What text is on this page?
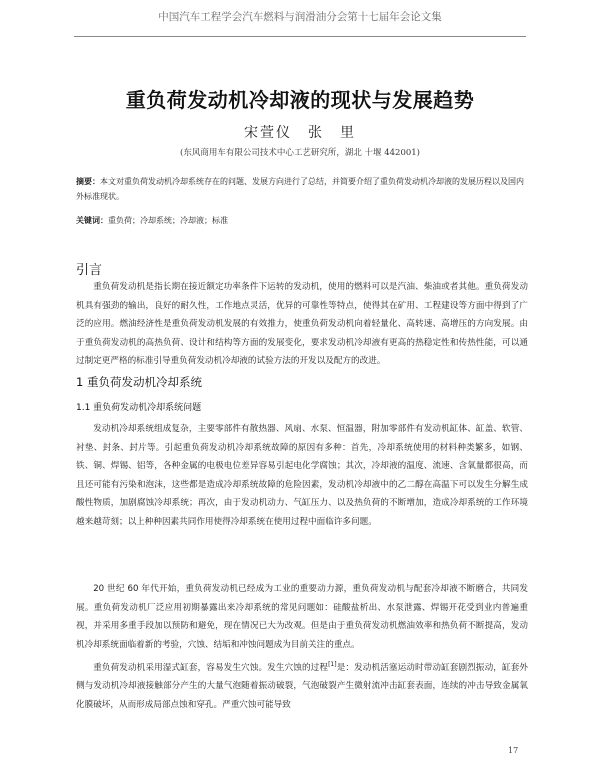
中国汽车工程学会汽车燃料与润滑油分会第十七届年会论文集
重负荷发动机冷却液的现状与发展趋势
宋萱仪　张　里
(东风商用车有限公司技术中心工艺研究所，湖北 十堰 442001)
摘要：本文对重负荷发动机冷却系统存在的问题、发展方向进行了总结，并简要介绍了重负荷发动机冷却液的发展历程以及国内外标准现状。
关键词：重负荷；冷却系统；冷却液；标准
引言

重负荷发动机是指长期在接近额定功率条件下运转的发动机，使用的燃料可以是汽油、柴油或者其他。重负荷发动机具有强劲的输出，良好的耐久性，工作地点灵活，优异的可靠性等特点，使得其在矿用、工程建设等方面中得到了广泛的应用。燃油经济性是重负荷发动机发展的有效推力，使重负荷发动机向着轻量化、高转速、高增压的方向发展。由于重负荷发动机的高热负荷、设计和结构等方面的发展变化，要求发动机冷却液有更高的热稳定性和传热性能，可以通过制定更严格的标准引导重负荷发动机冷却液的试验方法的开发以及配方的改进。

1 重负荷发动机冷却系统
1.1 重负荷发动机冷却系统问题

发动机冷却系统组成复杂，主要零部件有散热器、风扇、水泵、恒温器，附加零部件有发动机缸体、缸盖、软管、衬垫、封条、封片等。引起重负荷发动机冷却系统故障的原因有多种：首先，冷却系统使用的材料种类繁多，如钢、铁、铜、焊锡、铝等，各种金属的电极电位差异容易引起电化学腐蚀；其次，冷却液的温度、流速、含氧量都很高，而且还可能有污染和泡沫，这些都是造成冷却系统故障的危险因素，发动机冷却液中的乙二醇在高温下可以发生分解生成酸性物质，加剧腐蚀冷却系统；再次，由于发动机动力、气缸压力、以及热负荷的不断增加，造成冷却系统的工作环境越来越苛刻；以上种种因素共同作用使得冷却系统在使用过程中面临许多问题。

20 世纪 60 年代开始，重负荷发动机已经成为工业的重要动力源，重负荷发动机与配套冷却液不断磨合，共同发展。重负荷发动机厂泛应用初期暴露出来冷却系统的常见问题如：硅酸盐析出、水泵泄露、焊锡开花受到业内普遍重视，并采用多重手段加以预防和避免，现在情况已大为改观。但是由于重负荷发动机燃油效率和热负荷不断提高，发动机冷却系统面临着新的考验，穴蚀、结垢和冲蚀问题成为目前关注的重点。

重负荷发动机采用湿式缸套，容易发生穴蚀。发生穴蚀的过程[1]是：发动机活塞运动时带动缸套剧烈振动，缸套外侧与发动机冷却液接触部分产生的大量气泡随着振动破裂，气泡破裂产生微射流冲击缸套表面，连续的冲击导致金属氧化膜破坏，从而形成局部点蚀和穿孔。严重穴蚀可能导致

17
